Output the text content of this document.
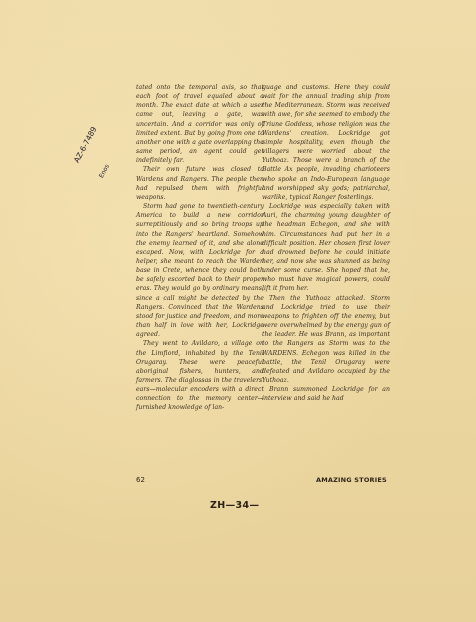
AZ-6-7489
Enos

tated onto the temporal axis, so that each foot of travel equaled about a month. The exact date at which a user came out, leaving a gate, was uncertain. And a corridor was only of limited extent. But by going from one to another one with a gate overlapping the same period, an agent could get indefinitely far.

Their own future was closed to Wardens and Rangers. The people then had repulsed them with frightful weapons.

Storm had gone to twentieth-century America to build a new corridor surreptitiously and so bring troops up into the Rangers' heartland. Somehow the enemy learned of it, and she alone escaped. Now, with Lockridge for a helper, she meant to reach the Warden base in Crete, whence they could both be safely escorted back to their proper eras. They would go by ordinary means, since a call might be detected by the Rangers. Convinced that the Wardens stood for justice and freedom, and more than half in love with her, Lockridge agreed.

They went to Avildaro, a village on the Limfiord, inhabited by the Tenil Orugaray. These were peaceful aboriginal fishers, hunters, and farmers. The diaglossas in the travelers' ears—molecular encoders with a direct connection to the memory center—furnished knowledge of lan-

guage and customs. Here they could wait for the annual trading ship from the Mediterranean. Storm was received with awe, for she seemed to embody the Triune Goddess, whose religion was the Wardens' creation. Lockridge got simple hospitality, even though the villagers were worried about the Yuthoaz. Those were a branch of the Battle Ax people, invading charioteers who spoke an Indo-European language and worshipped sky gods; patriarchal, warlike, typical Ranger fosterlings.

Lockridge was especially taken with Auri, the charming young daughter of the headman Echegon, and she with him. Circumstances had put her in a difficult position. Her chosen first lover had drowned before he could initiate her, and now she was shunned as being under some curse. She hoped that he, who must have magical powers, could lift it from her.

Then the Yuthoaz attacked. Storm and Lockridge tried to use their weapons to frighten off the enemy, but were overwhelmed by the energy gun of the leader. He was Brann, as important to the Rangers as Storm was to the WARDENS. Echegon was killed in the battle, the Tenil Orugaray were defeated and Avildaro occupied by the Yuthoaz.

Brann summoned Lockridge for an interview and said he had

62	AMAZING STORIES
ZH—34—
